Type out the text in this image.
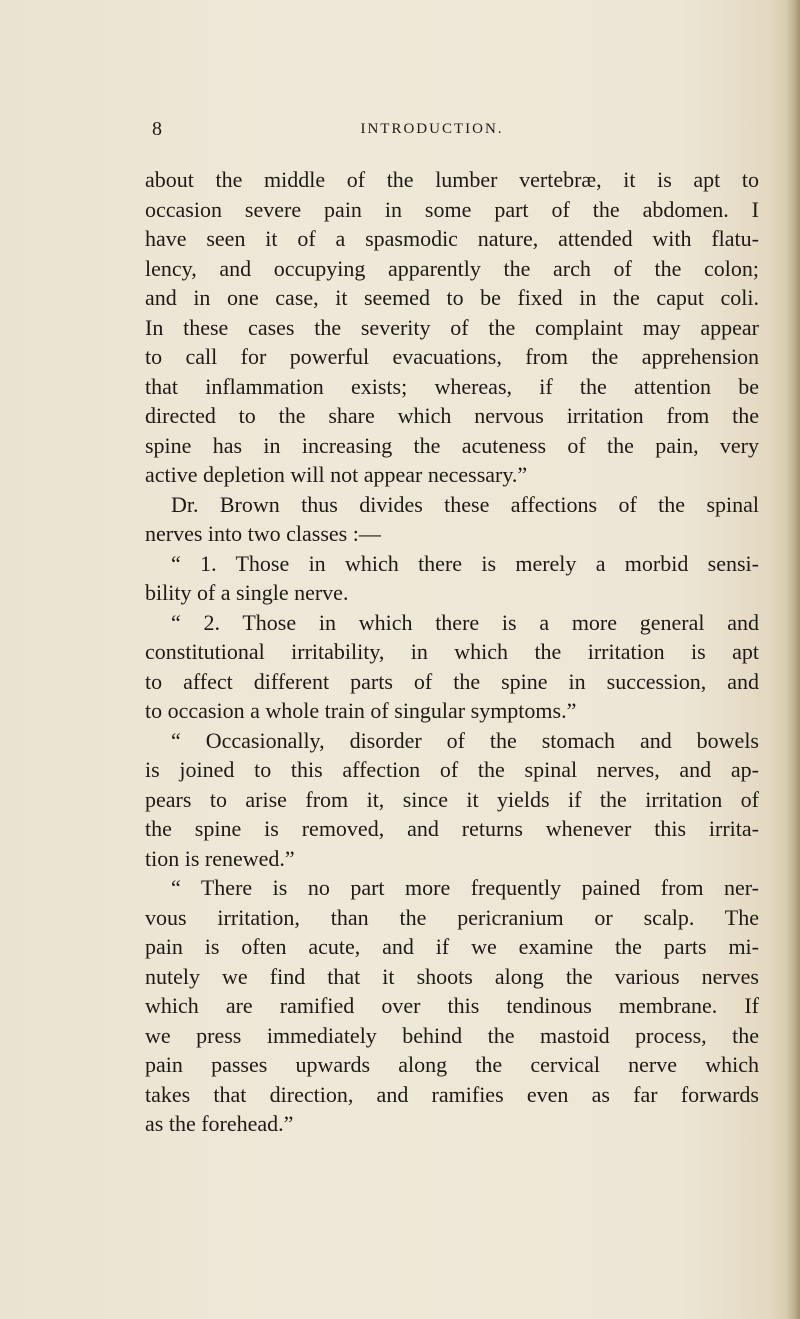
8	INTRODUCTION.
about the middle of the lumber vertebræ, it is apt to
occasion severe pain in some part of the abdomen. I
have seen it of a spasmodic nature, attended with flatu-
lency, and occupying apparently the arch of the colon;
and in one case, it seemed to be fixed in the caput coli.
In these cases the severity of the complaint may appear
to call for powerful evacuations, from the apprehension
that inflammation exists; whereas, if the attention be
directed to the share which nervous irritation from the
spine has in increasing the acuteness of the pain, very
active depletion will not appear necessary.”
Dr. Brown thus divides these affections of the spinal
nerves into two classes :—
“ 1. Those in which there is merely a morbid sensi-
bility of a single nerve.
“ 2. Those in which there is a more general and
constitutional irritability, in which the irritation is apt
to affect different parts of the spine in succession, and
to occasion a whole train of singular symptoms.”
“ Occasionally, disorder of the stomach and bowels
is joined to this affection of the spinal nerves, and ap-
pears to arise from it, since it yields if the irritation of
the spine is removed, and returns whenever this irrita-
tion is renewed.”
“ There is no part more frequently pained from ner-
vous irritation, than the pericranium or scalp. The
pain is often acute, and if we examine the parts mi-
nutely we find that it shoots along the various nerves
which are ramified over this tendinous membrane. If
we press immediately behind the mastoid process, the
pain passes upwards along the cervical nerve which
takes that direction, and ramifies even as far forwards
as the forehead.”
